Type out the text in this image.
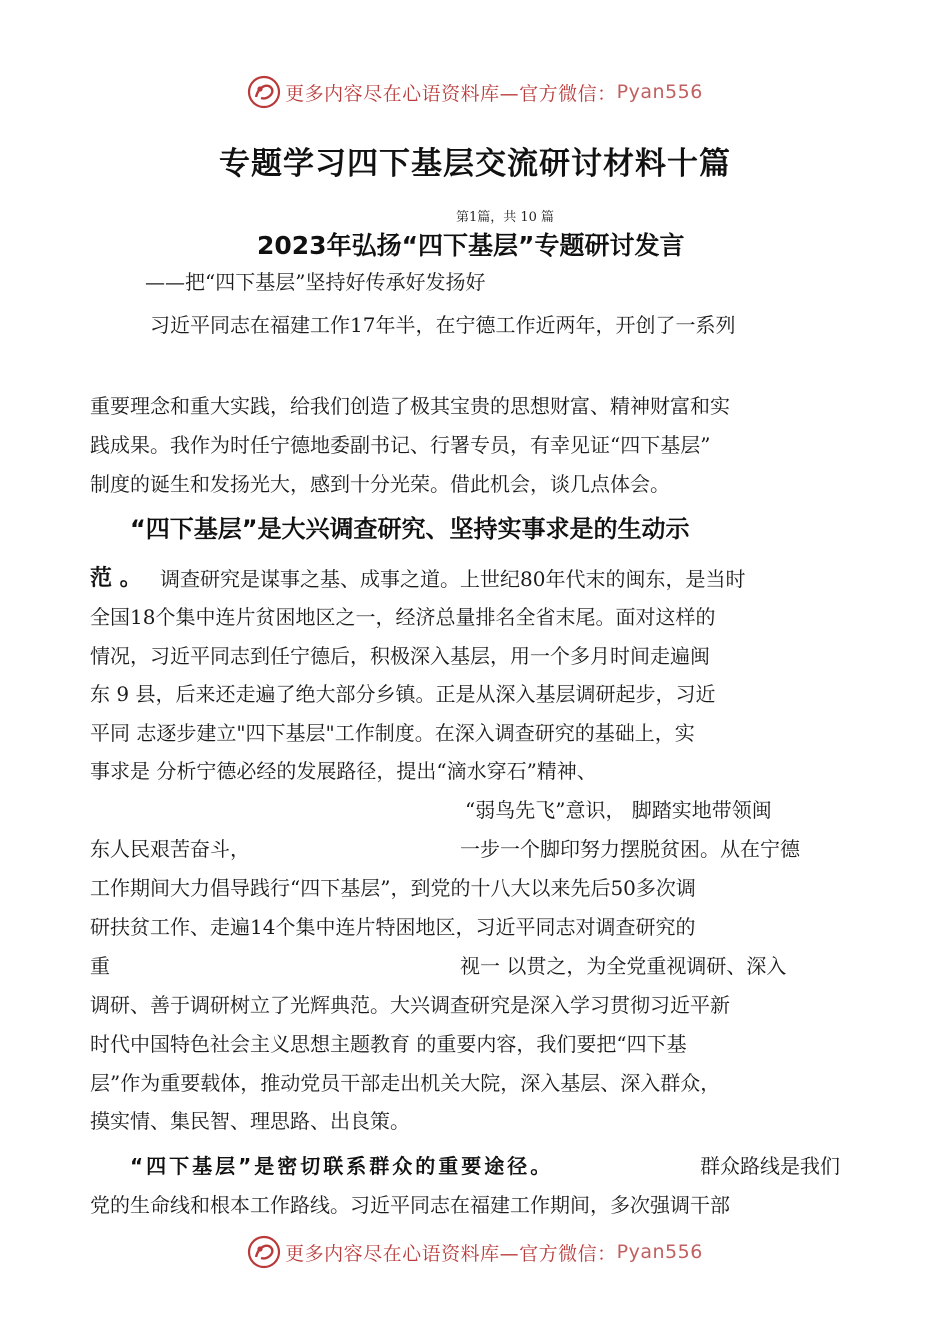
更多内容尽在心语资料库—官方微信： Pyan556
专题学习四下基层交流研讨材料十篇
第1篇，共 10 篇
2023年弘扬“四下基层”专题研讨发言
——把“四下基层”坚持好传承好发扬好
习近平同志在福建工作17年半，在宁德工作近两年，开创了一系列
重要理念和重大实践，给我们创造了极其宝贵的思想财富、精神财富和实
践成果。我作为时任宁德地委副书记、行署专员，有幸见证“四下基层”
制度的诞生和发扬光大，感到十分光荣。借此机会，谈几点体会。
“四下基层”是大兴调查研究、坚持实事求是的生动示
范 。 调查研究是谋事之基、成事之道。上世纪80年代末的闽东，是当时
全国18个集中连片贫困地区之一，经济总量排名全省末尾。面对这样的
情况，习近平同志到任宁德后，积极深入基层，用一个多月时间走遍闽
东 9 县，后来还走遍了绝大部分乡镇。正是从深入基层调研起步，习近
平同 志逐步建立"四下基层"工作制度。在深入调查研究的基础上，实
事求是 分析宁德必经的发展路径，提出“滴水穿石”精神、
“弱鸟先飞”意识， 脚踏实地带领闽
东人民艰苦奋斗，	一步一个脚印努力摆脱贫困。从在宁德
工作期间大力倡导践行“四下基层”，到党的十八大以来先后50多次调
研扶贫工作、走遍14个集中连片特困地区，习近平同志对调查研究的
重	视一 以贯之，为全党重视调研、深入
调研、善于调研树立了光辉典范。大兴调查研究是深入学习贯彻习近平新
时代中国特色社会主义思想主题教育 的重要内容，我们要把“四下基
层”作为重要载体，推动党员干部走出机关大院，深入基层、深入群众，
摸实情、集民智、理思路、出良策。
“四下基层”是密切联系群众的重要途径。	群众路线是我们
党的生命线和根本工作路线。习近平同志在福建工作期间，多次强调干部
更多内容尽在心语资料库—官方微信： Pyan556
